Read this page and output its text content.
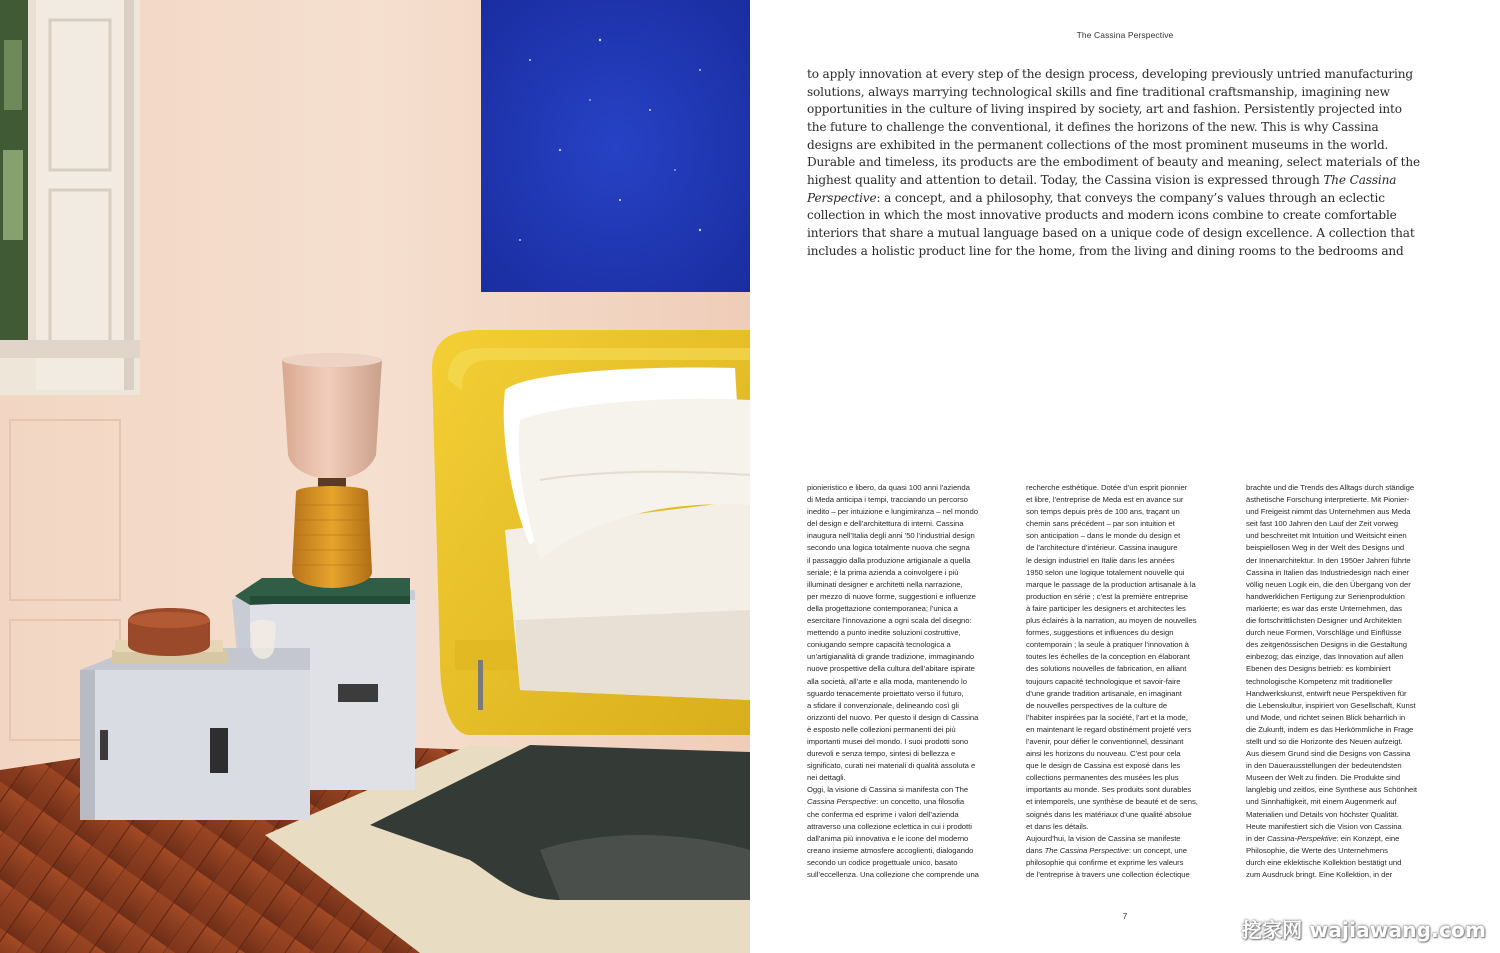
The Cassina Perspective
to apply innovation at every step of the design process, developing previously untried manufacturing
solutions, always marrying technological skills and fine traditional craftsmanship, imagining new
opportunities in the culture of living inspired by society, art and fashion. Persistently projected into
the future to challenge the conventional, it defines the horizons of the new. This is why Cassina
designs are exhibited in the permanent collections of the most prominent museums in the world.
Durable and timeless, its products are the embodiment of beauty and meaning, select materials of the
highest quality and attention to detail. Today, the Cassina vision is expressed through The Cassina
Perspective: a concept, and a philosophy, that conveys the company’s values through an eclectic
collection in which the most innovative products and modern icons combine to create comfortable
interiors that share a mutual language based on a unique code of design excellence. A collection that
includes a holistic product line for the home, from the living and dining rooms to the bedrooms and
pionieristico e libero, da quasi 100 anni l’azienda
di Meda anticipa i tempi, tracciando un percorso
inedito – per intuizione e lungimiranza – nel mondo
del design e dell’architettura di interni. Cassina
inaugura nell’Italia degli anni ’50 l’industrial design
secondo una logica totalmente nuova che segna
il passaggio dalla produzione artigianale a quella
seriale; è la prima azienda a coinvolgere i più
illuminati designer e architetti nella narrazione,
per mezzo di nuove forme, suggestioni e influenze
della progettazione contemporanea; l’unica a
esercitare l’innovazione a ogni scala del disegno:
mettendo a punto inedite soluzioni costruttive,
coniugando sempre capacità tecnologica a
un’artigianalità di grande tradizione, immaginando
nuove prospettive della cultura dell’abitare ispirate
alla società, all’arte e alla moda, mantenendo lo
sguardo tenacemente proiettato verso il futuro,
a sfidare il convenzionale, delineando così gli
orizzonti del nuovo. Per questo il design di Cassina
è esposto nelle collezioni permanenti dei più
importanti musei del mondo. I suoi prodotti sono
durevoli e senza tempo, sintesi di bellezza e
significato, curati nei materiali di qualità assoluta e
nei dettagli.
Oggi, la visione di Cassina si manifesta con The
Cassina Perspective: un concetto, una filosofia
che conferma ed esprime i valori dell’azienda
attraverso una collezione eclettica in cui i prodotti
dall’anima più innovativa e le icone del moderno
creano insieme atmosfere accoglienti, dialogando
secondo un codice progettuale unico, basato
sull’eccellenza. Una collezione che comprende una
recherche esthétique. Dotée d’un esprit pionnier
et libre, l’entreprise de Meda est en avance sur
son temps depuis près de 100 ans, traçant un
chemin sans précédent – par son intuition et
son anticipation – dans le monde du design et
de l’architecture d’intérieur. Cassina inaugure
le design industriel en Italie dans les années
1950 selon une logique totalement nouvelle qui
marque le passage de la production artisanale à la
production en série ; c’est la première entreprise
à faire participer les designers et architectes les
plus éclairés à la narration, au moyen de nouvelles
formes, suggestions et influences du design
contemporain ; la seule à pratiquer l’innovation à
toutes les échelles de la conception en élaborant
des solutions nouvelles de fabrication, en alliant
toujours capacité technologique et savoir-faire
d’une grande tradition artisanale, en imaginant
de nouvelles perspectives de la culture de
l’habiter inspirées par la société, l’art et la mode,
en maintenant le regard obstinément projeté vers
l’avenir, pour défier le conventionnel, dessinant
ainsi les horizons du nouveau. C’est pour cela
que le design de Cassina est exposé dans les
collections permanentes des musées les plus
importants au monde. Ses produits sont durables
et intemporels, une synthèse de beauté et de sens,
soignés dans les matériaux d’une qualité absolue
et dans les détails.
Aujourd’hui, la vision de Cassina se manifeste
dans The Cassina Perspective: un concept, une
philosophie qui confirme et exprime les valeurs
de l’entreprise à travers une collection éclectique
brachte und die Trends des Alltags durch ständige
ästhetische Forschung interpretierte. Mit Pionier-
und Freigeist nimmt das Unternehmen aus Meda
seit fast 100 Jahren den Lauf der Zeit vorweg
und beschreitet mit Intuition und Weitsicht einen
beispiellosen Weg in der Welt des Designs und
der Innenarchitektur. In den 1950er Jahren führte
Cassina in Italien das Industriedesign nach einer
völlig neuen Logik ein, die den Übergang von der
handwerklichen Fertigung zur Serienproduktion
markierte; es war das erste Unternehmen, das
die fortschrittlichsten Designer und Architekten
durch neue Formen, Vorschläge und Einflüsse
des zeitgenössischen Designs in die Gestaltung
einbezog; das einzige, das Innovation auf allen
Ebenen des Designs betrieb: es kombiniert
technologische Kompetenz mit traditioneller
Handwerkskunst, entwirft neue Perspektiven für
die Lebenskultur, inspiriert von Gesellschaft, Kunst
und Mode, und richtet seinen Blick beharrlich in
die Zukunft, indem es das Herkömmliche in Frage
stellt und so die Horizonte des Neuen aufzeigt.
Aus diesem Grund sind die Designs von Cassina
in den Dauerausstellungen der bedeutendsten
Museen der Welt zu finden. Die Produkte sind
langlebig und zeitlos, eine Synthese aus Schönheit
und Sinnhaftigkeit, mit einem Augenmerk auf
Materialien und Details von höchster Qualität.
Heute manifestiert sich die Vision von Cassina
in der Cassina-Perspektive: ein Konzept, eine
Philosophie, die Werte des Unternehmens
durch eine eklektische Kollektion bestätigt und
zum Ausdruck bringt. Eine Kollektion, in der
7
挖家网 wajiawang.com
